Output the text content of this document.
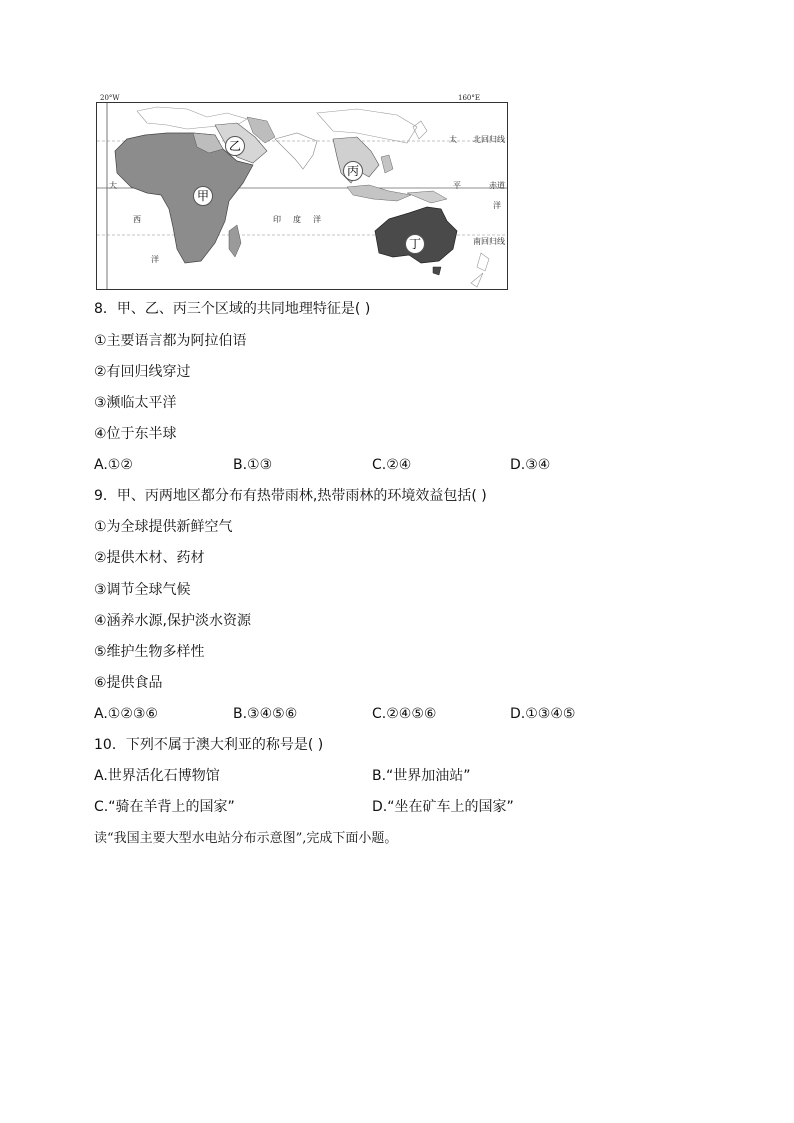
20°W	160°E
太
大	平
洋
西	印度洋
洋
北回归线
赤道
南回归线
乙
甲
丙
丁
8．甲、乙、丙三个区域的共同地理特征是( )
①主要语言都为阿拉伯语
②有回归线穿过
③濒临太平洋
④位于东半球
A.①②	B.①③	C.②④	D.③④
9．甲、丙两地区都分布有热带雨林,热带雨林的环境效益包括( )
①为全球提供新鲜空气
②提供木材、药材
③调节全球气候
④涵养水源,保护淡水资源
⑤维护生物多样性
⑥提供食品
A.①②③⑥	B.③④⑤⑥	C.②④⑤⑥	D.①③④⑤
10．下列不属于澳大利亚的称号是( )
A.世界活化石博物馆	B.“世界加油站”
C.“骑在羊背上的国家”	D.“坐在矿车上的国家”
读“我国主要大型水电站分布示意图”,完成下面小题。
